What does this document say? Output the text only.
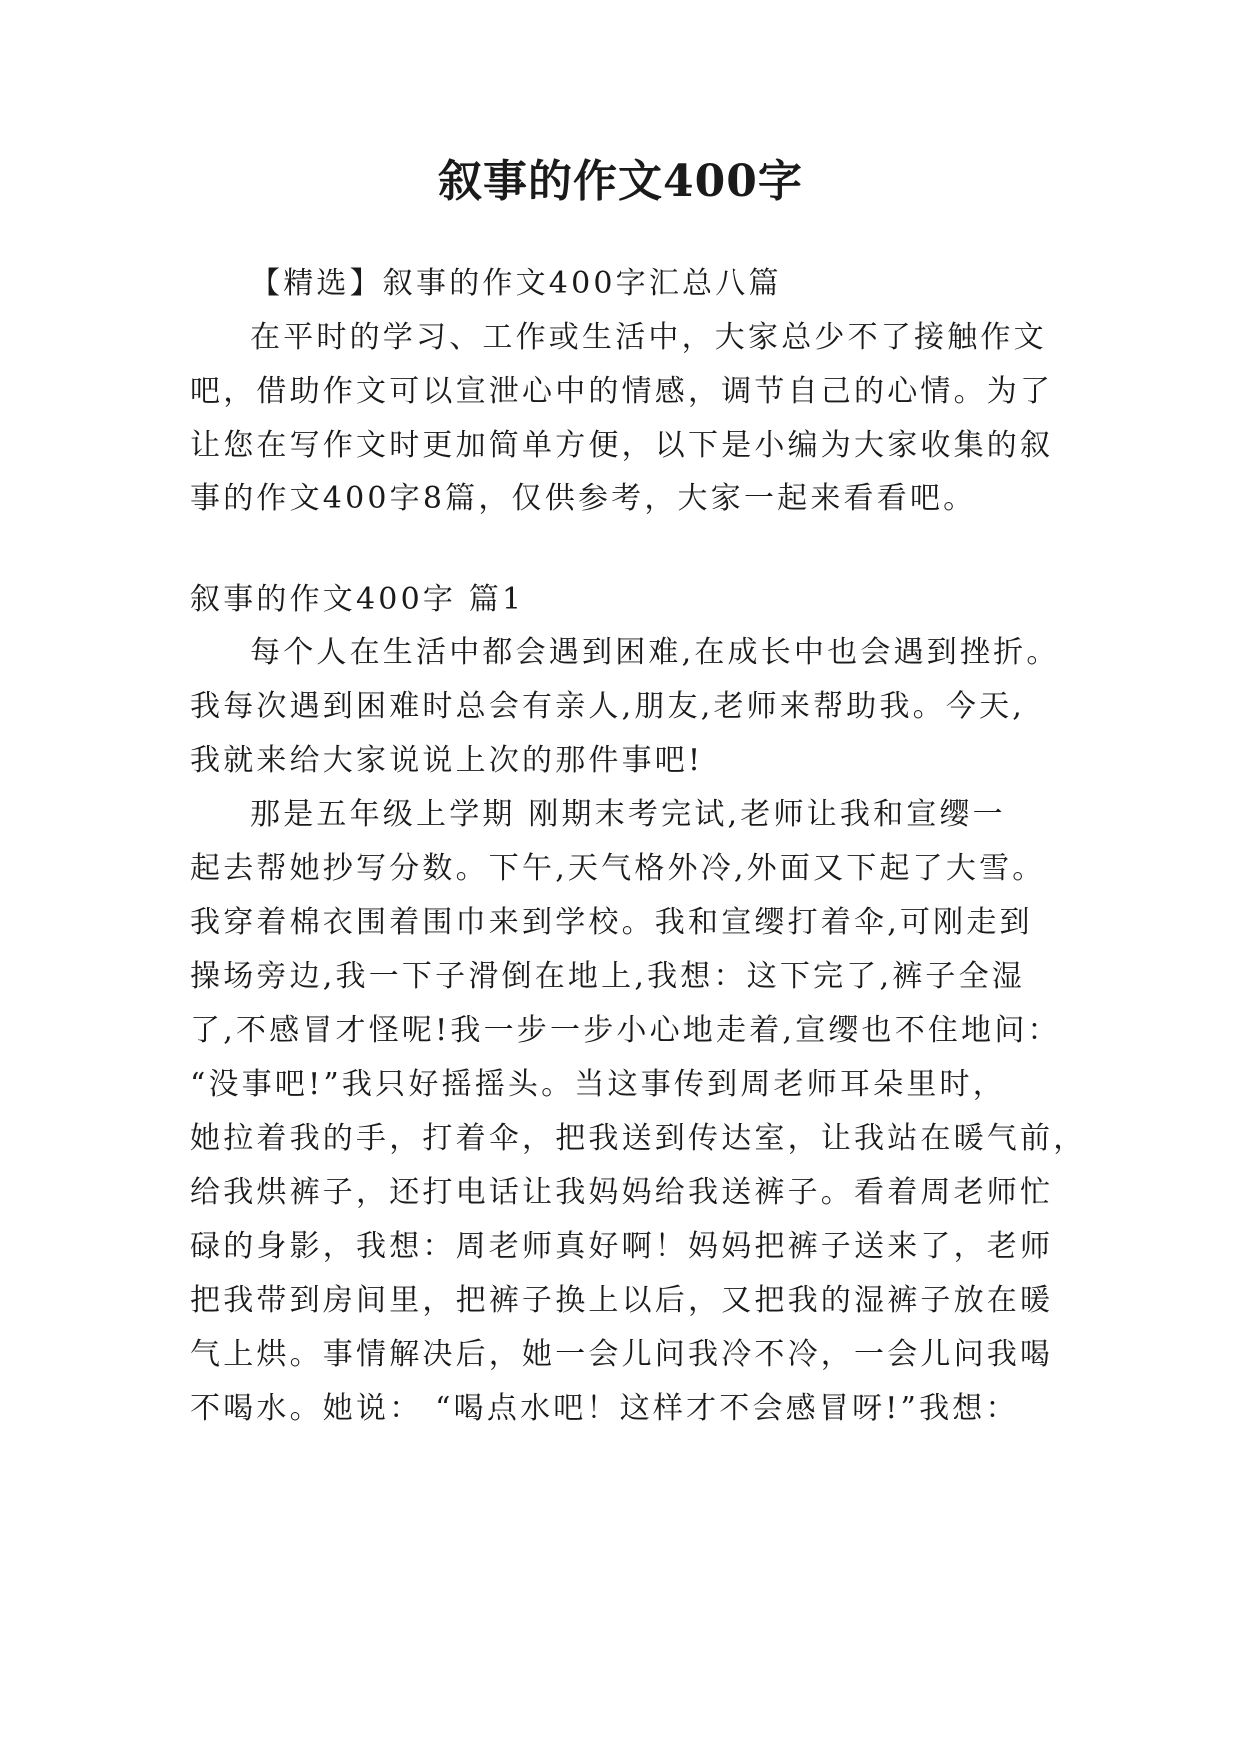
叙事的作文400字
【精选】叙事的作文400字汇总八篇
在平时的学习、工作或生活中，大家总少不了接触作文
吧，借助作文可以宣泄心中的情感，调节自己的心情。为了
让您在写作文时更加简单方便，以下是小编为大家收集的叙
事的作文400字8篇，仅供参考，大家一起来看看吧。
叙事的作文400字 篇1
每个人在生活中都会遇到困难,在成长中也会遇到挫折。
我每次遇到困难时总会有亲人,朋友,老师来帮助我。今天,
我就来给大家说说上次的那件事吧!
那是五年级上学期 刚期末考完试,老师让我和宣缨一
起去帮她抄写分数。下午,天气格外冷,外面又下起了大雪。
我穿着棉衣围着围巾来到学校。我和宣缨打着伞,可刚走到
操场旁边,我一下子滑倒在地上,我想：这下完了,裤子全湿
了,不感冒才怪呢!我一步一步小心地走着,宣缨也不住地问：
“没事吧!”我只好摇摇头。当这事传到周老师耳朵里时，
她拉着我的手，打着伞，把我送到传达室，让我站在暖气前，
给我烘裤子，还打电话让我妈妈给我送裤子。看着周老师忙
碌的身影，我想：周老师真好啊！妈妈把裤子送来了，老师
把我带到房间里，把裤子换上以后，又把我的湿裤子放在暖
气上烘。事情解决后，她一会儿问我冷不冷，一会儿问我喝
不喝水。她说： “喝点水吧！这样才不会感冒呀!”我想：
